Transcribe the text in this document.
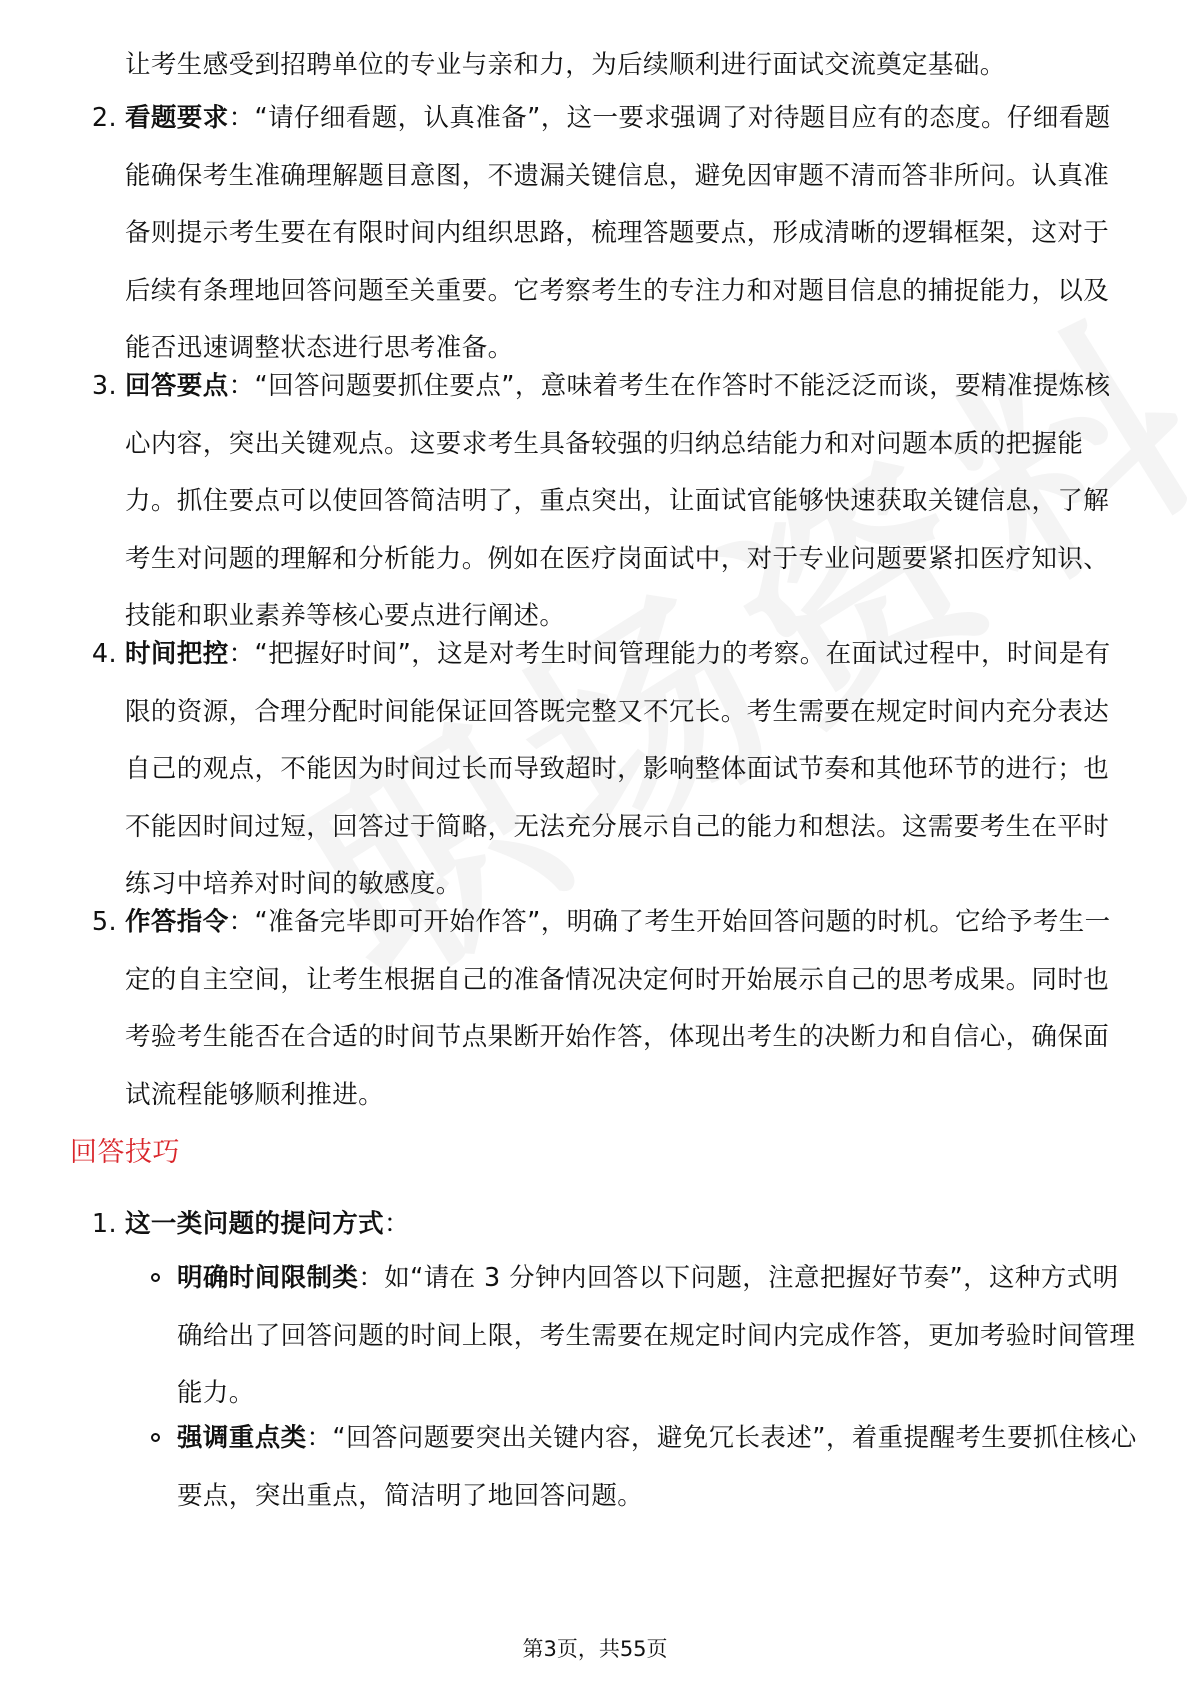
让考生感受到招聘单位的专业与亲和力，为后续顺利进行面试交流奠定基础。
2. 看题要求：“请仔细看题，认真准备”，这一要求强调了对待题目应有的态度。仔细看题能确保考生准确理解题目意图，不遗漏关键信息，避免因审题不清而答非所问。认真准备则提示考生要在有限时间内组织思路，梳理答题要点，形成清晰的逻辑框架，这对于后续有条理地回答问题至关重要。它考察考生的专注力和对题目信息的捕捉能力，以及能否迅速调整状态进行思考准备。
3. 回答要点：“回答问题要抓住要点”，意味着考生在作答时不能泛泛而谈，要精准提炼核心内容，突出关键观点。这要求考生具备较强的归纳总结能力和对问题本质的把握能力。抓住要点可以使回答简洁明了，重点突出，让面试官能够快速获取关键信息，了解考生对问题的理解和分析能力。例如在医疗岗面试中，对于专业问题要紧扣医疗知识、技能和职业素养等核心要点进行阐述。
4. 时间把控：“把握好时间”，这是对考生时间管理能力的考察。在面试过程中，时间是有限的资源，合理分配时间能保证回答既完整又不冗长。考生需要在规定时间内充分表达自己的观点，不能因为时间过长而导致超时，影响整体面试节奏和其他环节的进行；也不能因时间过短，回答过于简略，无法充分展示自己的能力和想法。这需要考生在平时练习中培养对时间的敏感度。
5. 作答指令：“准备完毕即可开始作答”，明确了考生开始回答问题的时机。它给予考生一定的自主空间，让考生根据自己的准备情况决定何时开始展示自己的思考成果。同时也考验考生能否在合适的时间节点果断开始作答，体现出考生的决断力和自信心，确保面试流程能够顺利推进。
回答技巧
1. 这一类问题的提问方式：
明确时间限制类：如“请在 3 分钟内回答以下问题，注意把握好节奏”，这种方式明确给出了回答问题的时间上限，考生需要在规定时间内完成作答，更加考验时间管理能力。
强调重点类：“回答问题要突出关键内容，避免冗长表述”，着重提醒考生要抓住核心要点，突出重点，简洁明了地回答问题。
第3页，共55页
